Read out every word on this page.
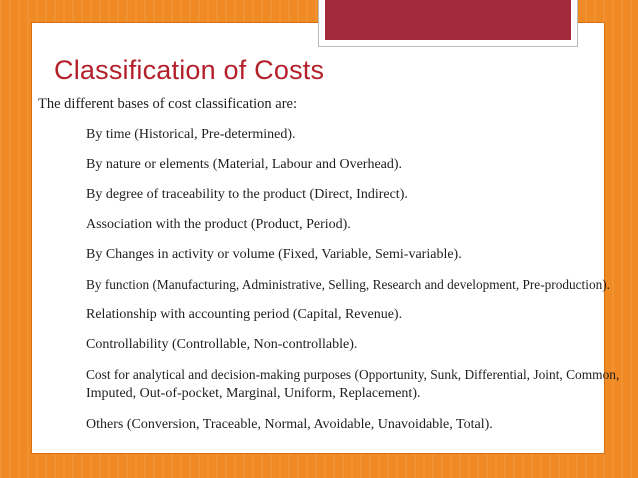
Classification of Costs
The different bases of cost classification are:
By time (Historical, Pre-determined).
By nature or elements (Material, Labour and Overhead).
By degree of traceability to the product (Direct, Indirect).
Association with the product (Product, Period).
By Changes in activity or volume (Fixed, Variable, Semi-variable).
By function (Manufacturing, Administrative, Selling, Research and development, Pre-production).
Relationship with accounting period (Capital, Revenue).
Controllability (Controllable, Non-controllable).
Cost for analytical and decision-making purposes (Opportunity, Sunk, Differential, Joint, Common,
Imputed, Out-of-pocket, Marginal, Uniform, Replacement).
Others (Conversion, Traceable, Normal, Avoidable, Unavoidable, Total).
